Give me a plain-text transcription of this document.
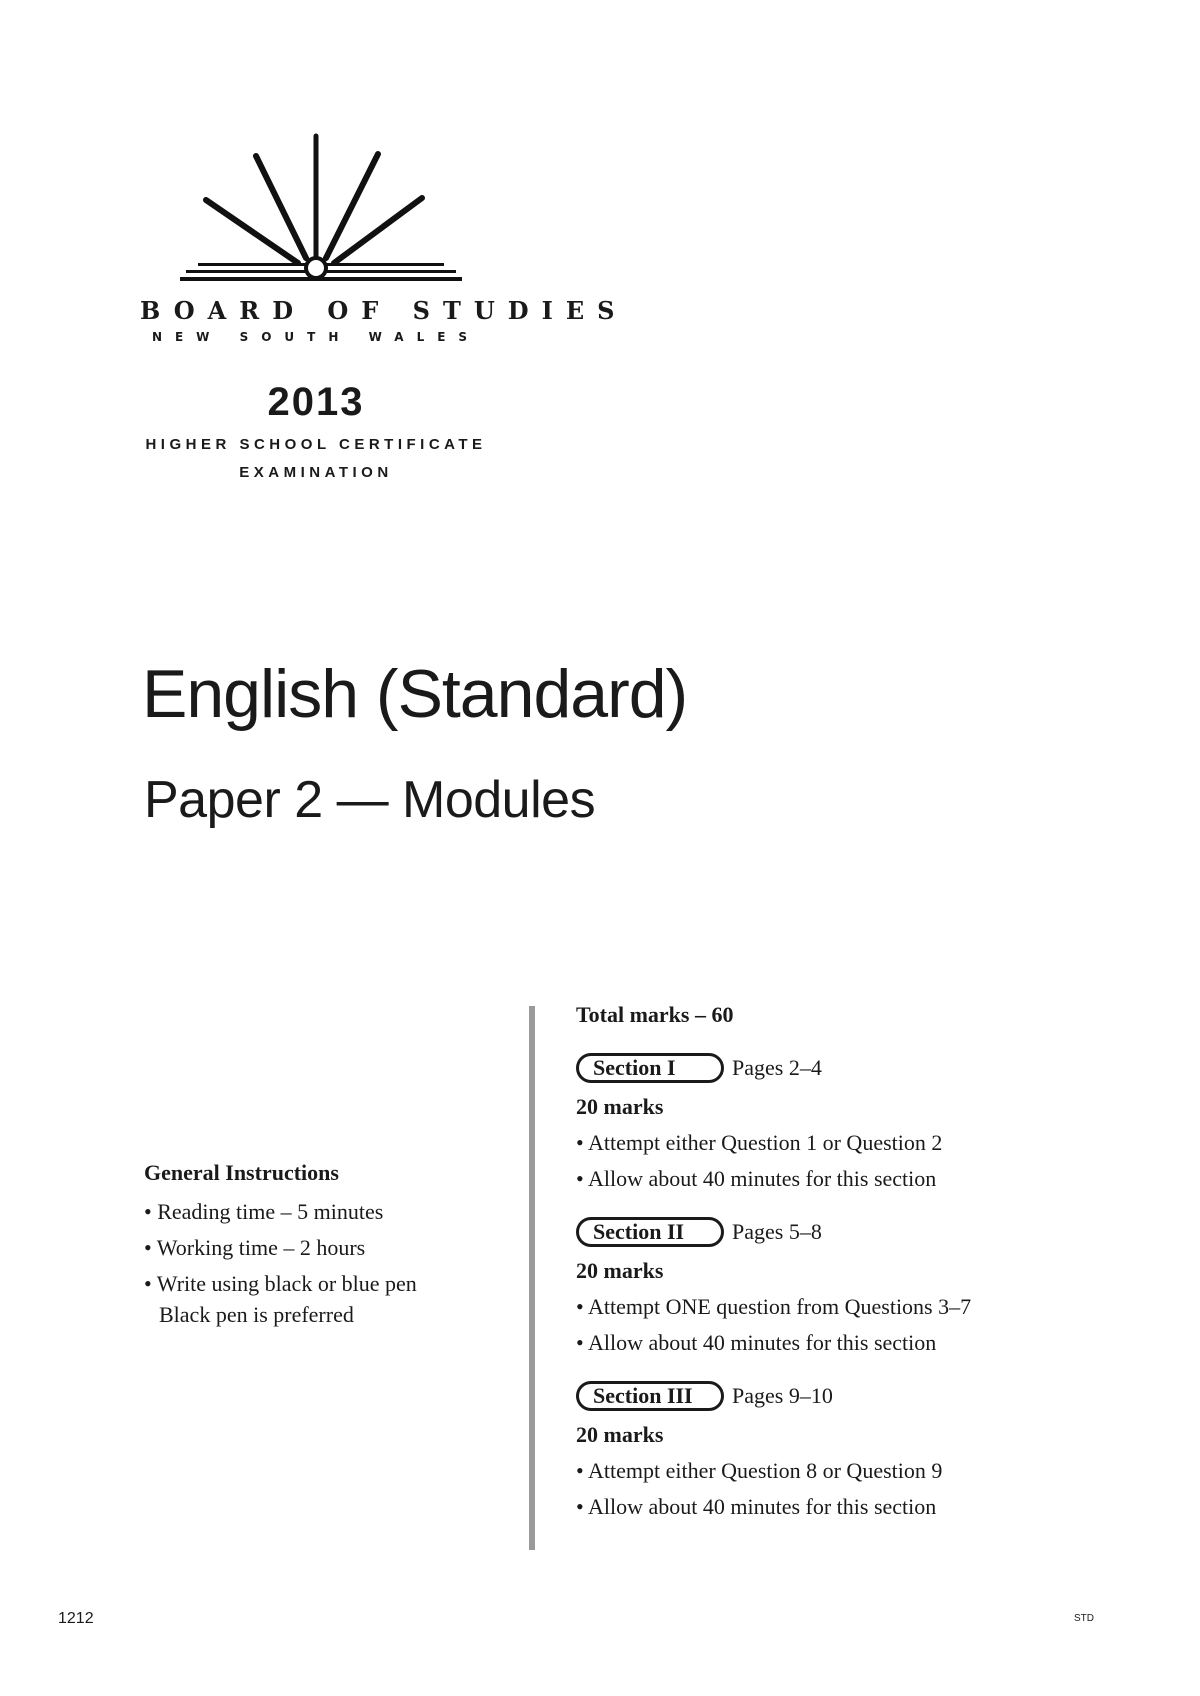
BOARD OF STUDIES
NEW SOUTH WALES
2013
HIGHER SCHOOL CERTIFICATE
EXAMINATION
English (Standard)
Paper 2 — Modules
General Instructions
• Reading time – 5 minutes
• Working time – 2 hours
• Write using black or blue pen
Black pen is preferred
Total marks – 60
Section I	Pages 2–4
20 marks
• Attempt either Question 1 or Question 2
• Allow about 40 minutes for this section
Section II	Pages 5–8
20 marks
• Attempt ONE question from Questions 3–7
• Allow about 40 minutes for this section
Section III	Pages 9–10
20 marks
• Attempt either Question 8 or Question 9
• Allow about 40 minutes for this section
1212	STD
